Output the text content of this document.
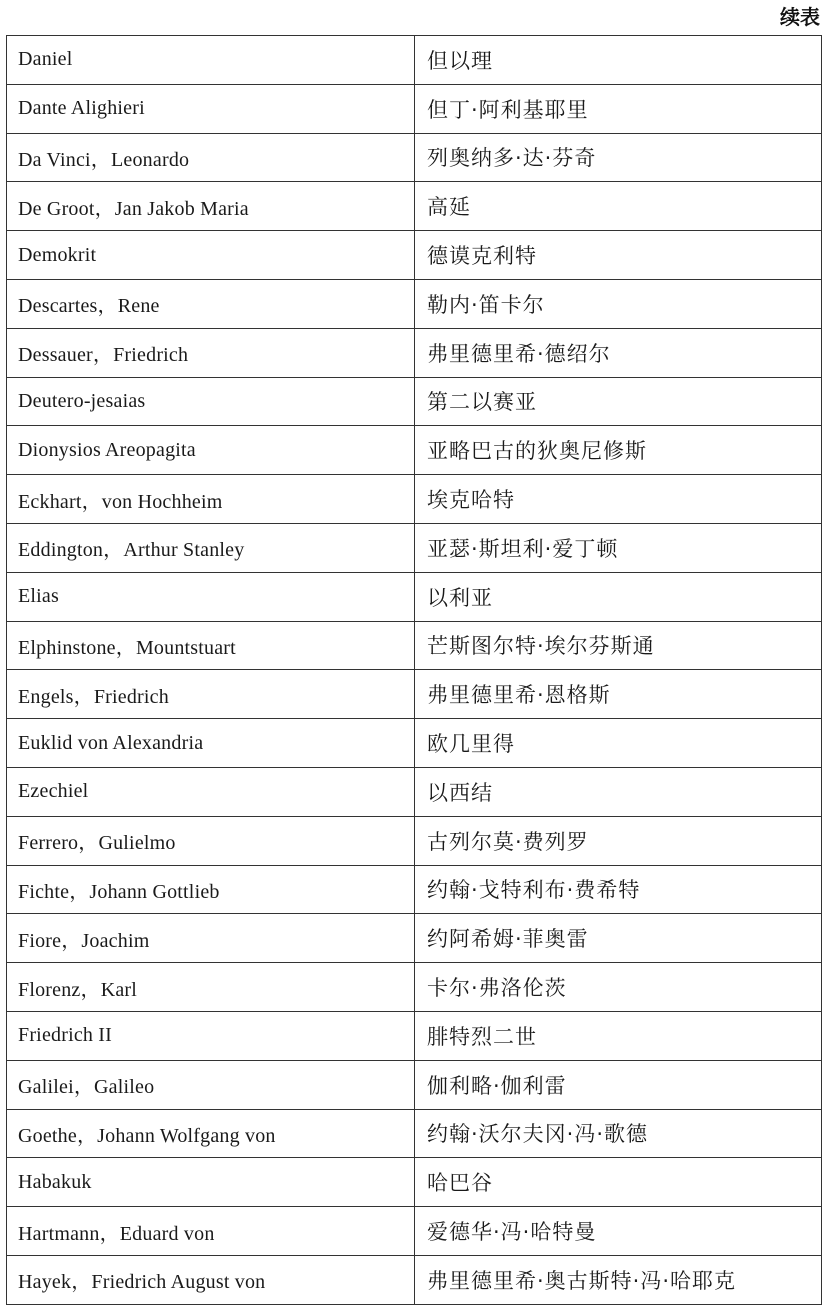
续表
Daniel	但以理
Dante Alighieri	但丁·阿利基耶里
Da Vinci，Leonardo	列奥纳多·达·芬奇
De Groot，Jan Jakob Maria	高延
Demokrit	德谟克利特
Descartes，Rene	勒内·笛卡尔
Dessauer，Friedrich	弗里德里希·德绍尔
Deutero-jesaias	第二以赛亚
Dionysios Areopagita	亚略巴古的狄奥尼修斯
Eckhart，von Hochheim	埃克哈特
Eddington，Arthur Stanley	亚瑟·斯坦利·爱丁顿
Elias	以利亚
Elphinstone，Mountstuart	芒斯图尔特·埃尔芬斯通
Engels，Friedrich	弗里德里希·恩格斯
Euklid von Alexandria	欧几里得
Ezechiel	以西结
Ferrero，Gulielmo	古列尔莫·费列罗
Fichte，Johann Gottlieb	约翰·戈特利布·费希特
Fiore，Joachim	约阿希姆·菲奥雷
Florenz，Karl	卡尔·弗洛伦茨
Friedrich II	腓特烈二世
Galilei，Galileo	伽利略·伽利雷
Goethe，Johann Wolfgang von	约翰·沃尔夫冈·冯·歌德
Habakuk	哈巴谷
Hartmann，Eduard von	爱德华·冯·哈特曼
Hayek，Friedrich August von	弗里德里希·奥古斯特·冯·哈耶克
